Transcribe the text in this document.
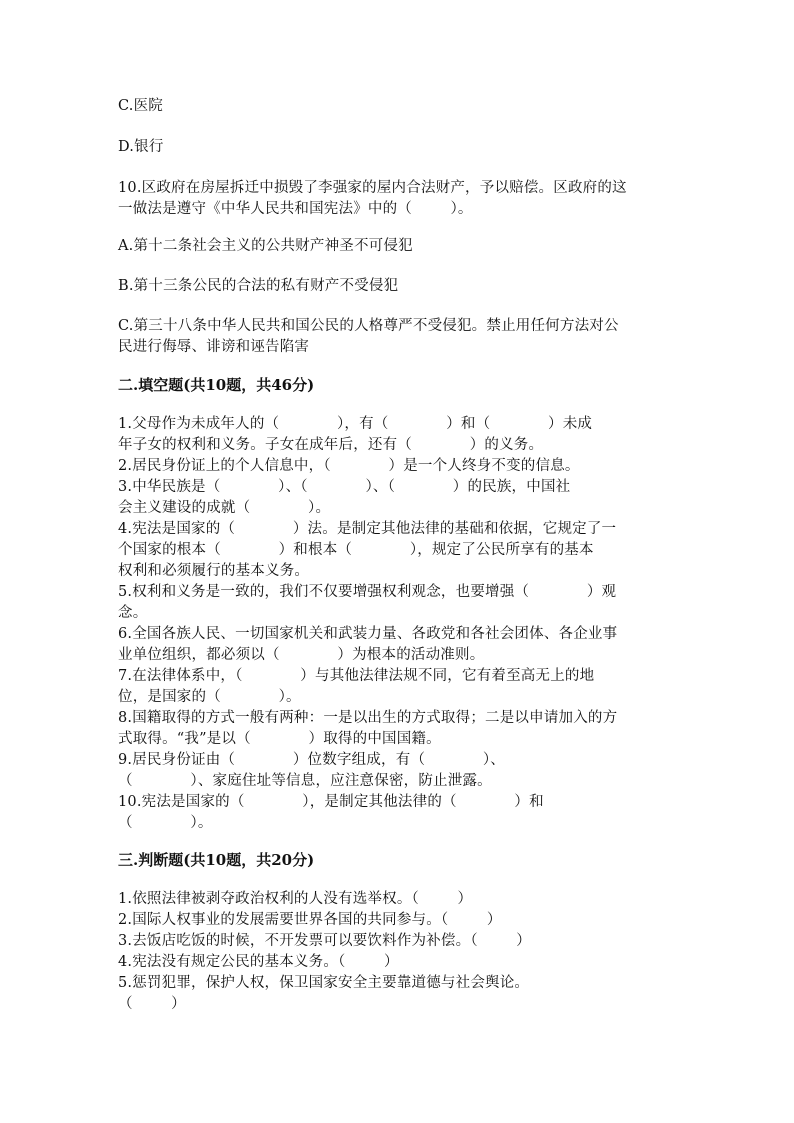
C.医院
D.银行
10.区政府在房屋拆迁中损毁了李强家的屋内合法财产，予以赔偿。区政府的这
一做法是遵守《中华人民共和国宪法》中的（        ）。
A.第十二条社会主义的公共财产神圣不可侵犯
B.第十三条公民的合法的私有财产不受侵犯
C.第三十八条中华人民共和国公民的人格尊严不受侵犯。禁止用任何方法对公
民进行侮辱、诽谤和诬告陷害
二.填空题(共10题，共46分)
1.父母作为未成年人的（            ），有（            ）和（            ）未成
年子女的权利和义务。子女在成年后，还有（            ）的义务。
2.居民身份证上的个人信息中，（            ）是一个人终身不变的信息。
3.中华民族是（            ）、（            ）、（            ）的民族，中国社
会主义建设的成就（            ）。
4.宪法是国家的（            ）法。是制定其他法律的基础和依据，它规定了一
个国家的根本（            ）和根本（            ），规定了公民所享有的基本
权利和必须履行的基本义务。
5.权利和义务是一致的，我们不仅要增强权利观念，也要增强（            ）观
念。
6.全国各族人民、一切国家机关和武装力量、各政党和各社会团体、各企业事
业单位组织，都必须以（            ）为根本的活动准则。
7.在法律体系中，（            ）与其他法律法规不同，它有着至高无上的地
位，是国家的（            ）。
8.国籍取得的方式一般有两种：一是以出生的方式取得；二是以申请加入的方
式取得。“我”是以（            ）取得的中国国籍。
9.居民身份证由（            ）位数字组成，有（            ）、
（            ）、家庭住址等信息，应注意保密，防止泄露。
10.宪法是国家的（            ），是制定其他法律的（            ）和
（            ）。
三.判断题(共10题，共20分)
1.依照法律被剥夺政治权利的人没有选举权。（        ）
2.国际人权事业的发展需要世界各国的共同参与。（        ）
3.去饭店吃饭的时候，不开发票可以要饮料作为补偿。（        ）
4.宪法没有规定公民的基本义务。（        ）
5.惩罚犯罪，保护人权，保卫国家安全主要靠道德与社会舆论。
（        ）
